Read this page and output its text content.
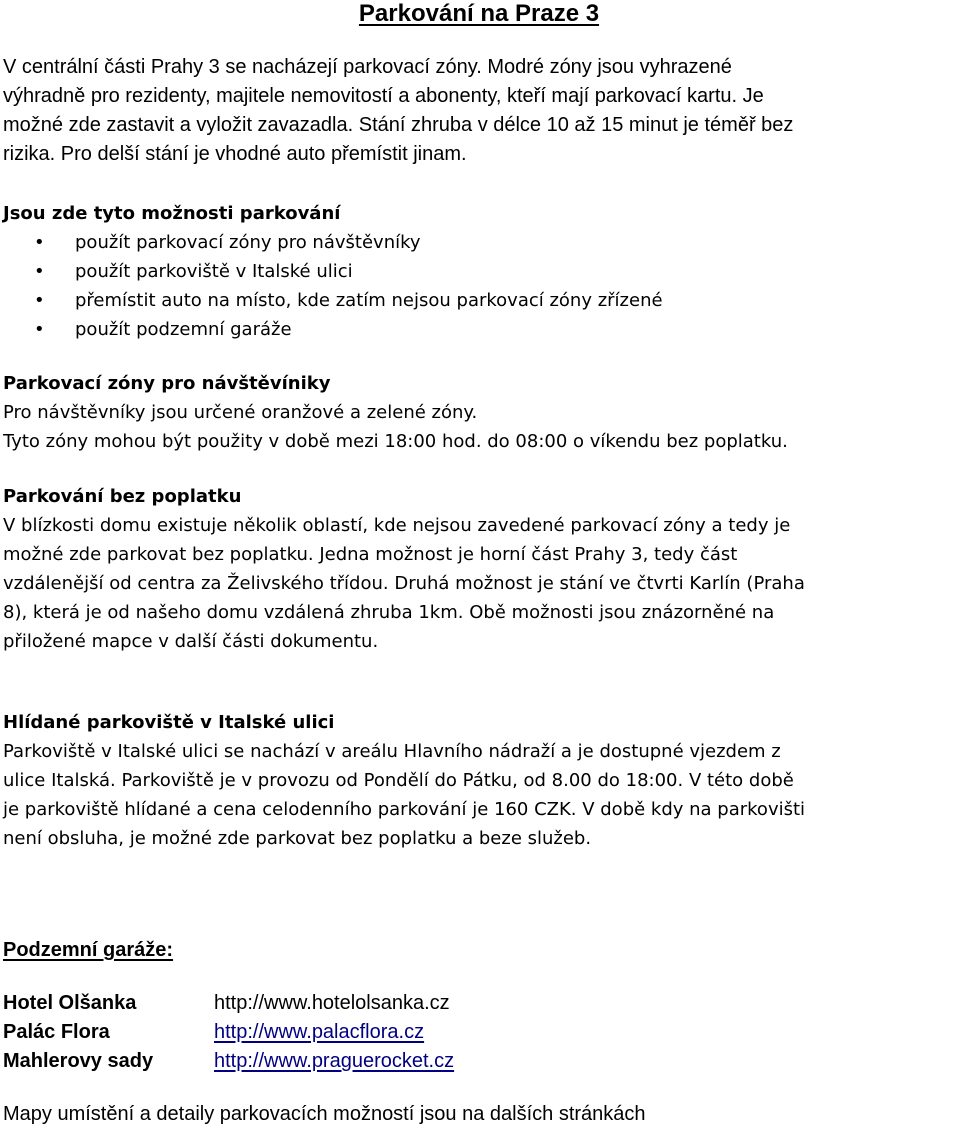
Parkování na Praze 3

V centrální části Prahy 3 se nacházejí parkovací zóny. Modré zóny jsou vyhrazené

výhradně pro rezidenty, majitele nemovitostí a abonenty, kteří mají parkovací kartu. Je

možné zde zastavit a vyložit zavazadla. Stání zhruba v délce 10 až 15 minut je téměř bez

rizika. Pro delší stání je vhodné auto přemístit jinam.

Jsou zde tyto možnosti parkování

• použít parkovací zóny pro návštěvníky
• použít parkoviště v Italské ulici
• přemístit auto na místo, kde zatím nejsou parkovací zóny zřízené
• použít podzemní garáže

Parkovací zóny pro návštěvíniky

Pro návštěvníky jsou určené oranžové a zelené zóny.

Tyto zóny mohou být použity v době mezi 18:00 hod. do 08:00 o víkendu bez poplatku.

Parkování bez poplatku

V blízkosti domu existuje několik oblastí, kde nejsou zavedené parkovací zóny a tedy je

možné zde parkovat bez poplatku. Jedna možnost je horní část Prahy 3, tedy část

vzdálenější od centra za Želivského třídou. Druhá možnost je stání ve čtvrti Karlín (Praha

8), která je od našeho domu vzdálená zhruba 1km. Obě možnosti jsou znázorněné na

přiložené mapce v další části dokumentu.

Hlídané parkoviště v Italské ulici

Parkoviště v Italské ulici se nachází v areálu Hlavního nádraží a je dostupné vjezdem z

ulice Italská. Parkoviště je v provozu od Pondělí do Pátku, od 8.00 do 18:00. V této době

je parkoviště hlídané a cena celodenního parkování je 160 CZK. V době kdy na parkovišti

není obsluha, je možné zde parkovat bez poplatku a beze služeb.

Podzemní garáže:

Hotel Olšanka	http://www.hotelolsanka.cz
Palác Flora	http://www.palacflora.cz
Mahlerovy sady	http://www.praguerocket.cz

Mapy umístění a detaily parkovacích možností jsou na dalších stránkách
